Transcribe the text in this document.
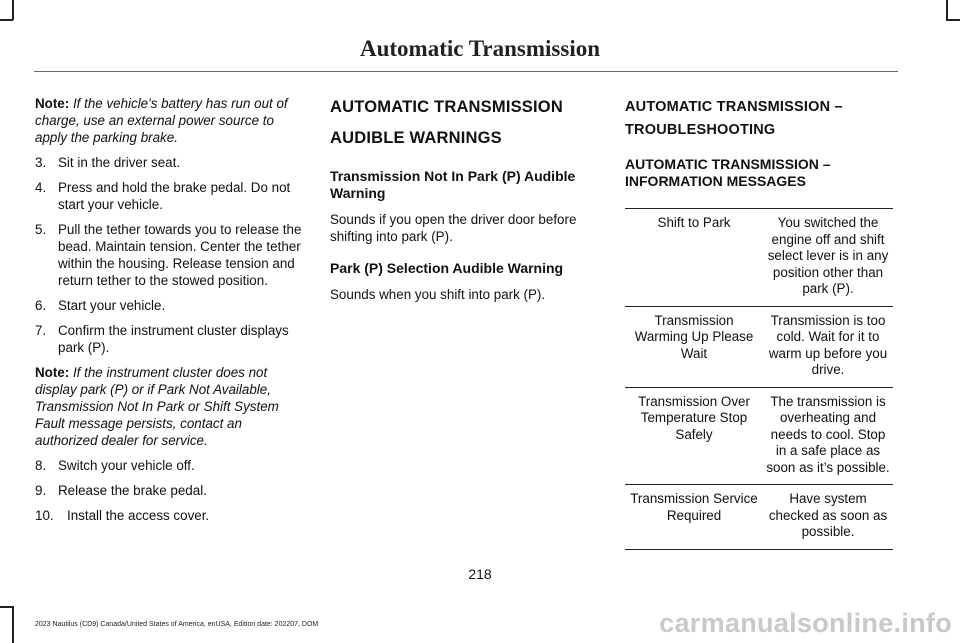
Automatic Transmission

Note: If the vehicle's battery has run out of charge, use an external power source to apply the parking brake.

3. Sit in the driver seat.
4. Press and hold the brake pedal. Do not start your vehicle.
5. Pull the tether towards you to release the bead. Maintain tension. Center the tether within the housing. Release tension and return tether to the stowed position.
6. Start your vehicle.
7. Confirm the instrument cluster displays park (P).

Note: If the instrument cluster does not display park (P) or if Park Not Available, Transmission Not In Park or Shift System Fault message persists, contact an authorized dealer for service.

8. Switch your vehicle off.
9. Release the brake pedal.
10. Install the access cover.
AUTOMATIC TRANSMISSION
AUDIBLE WARNINGS
Transmission Not In Park (P) Audible Warning

Sounds if you open the driver door before shifting into park (P).

Park (P) Selection Audible Warning

Sounds when you shift into park (P).

AUTOMATIC TRANSMISSION –
TROUBLESHOOTING
AUTOMATIC TRANSMISSION – INFORMATION MESSAGES
Shift to Park	You switched the engine off and shift select lever is in any position other than park (P).
Transmission Warming Up Please Wait	Transmission is too cold. Wait for it to warm up before you drive.
Transmission Over Temperature Stop Safely	The transmission is overheating and needs to cool. Stop in a safe place as soon as it’s possible.
Transmission Service Required	Have system checked as soon as possible.
218
2023 Nautilus (CD9) Canada/United States of America, enUSA, Edition date: 202207, DOM	carmanualsonline.info
